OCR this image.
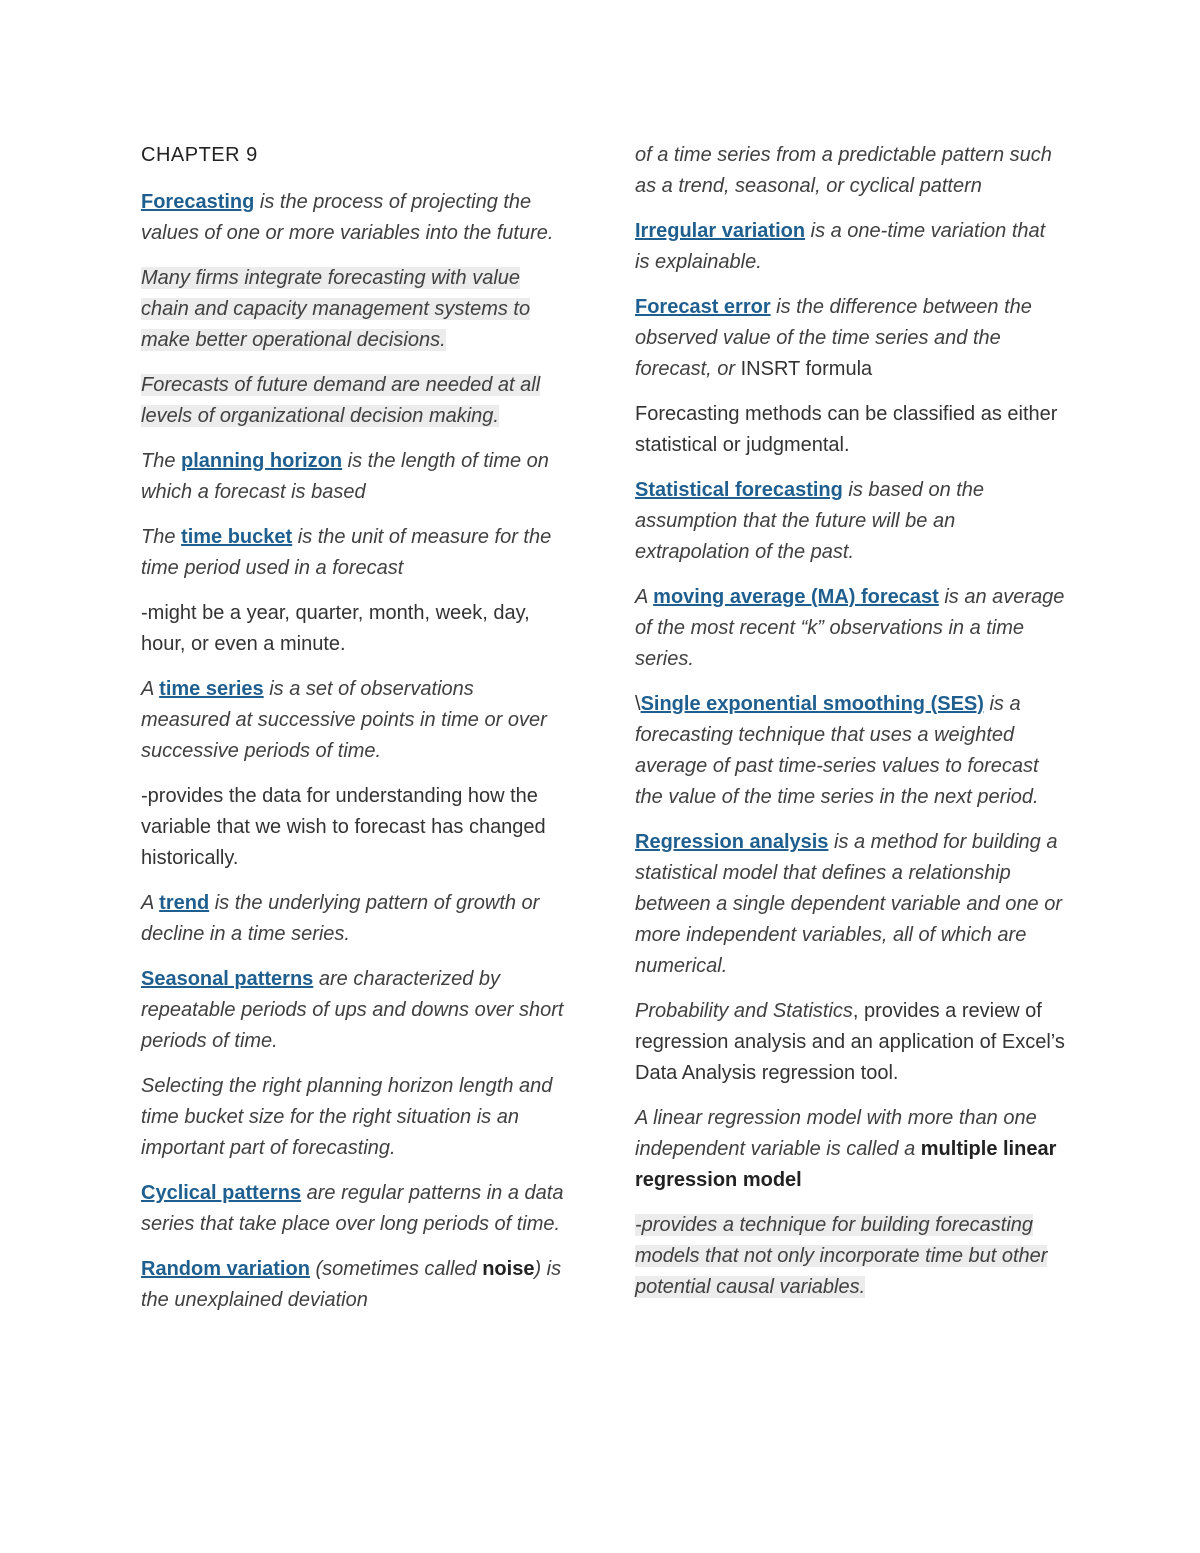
CHAPTER 9

Forecasting is the process of projecting the values of one or more variables into the future.

Many firms integrate forecasting with value chain and capacity management systems to make better operational decisions.

Forecasts of future demand are needed at all levels of organizational decision making.

The planning horizon is the length of time on which a forecast is based

The time bucket is the unit of measure for the time period used in a forecast

-might be a year, quarter, month, week, day, hour, or even a minute.

A time series is a set of observations measured at successive points in time or over successive periods of time.

-provides the data for understanding how the variable that we wish to forecast has changed historically.

A trend is the underlying pattern of growth or decline in a time series.

Seasonal patterns are characterized by repeatable periods of ups and downs over short periods of time.

Selecting the right planning horizon length and time bucket size for the right situation is an important part of forecasting.

Cyclical patterns are regular patterns in a data series that take place over long periods of time.

Random variation (sometimes called noise) is the unexplained deviation

of a time series from a predictable pattern such as a trend, seasonal, or cyclical pattern

Irregular variation is a one-time variation that is explainable.

Forecast error is the difference between the observed value of the time series and the forecast, or INSRT formula

Forecasting methods can be classified as either statistical or judgmental.

Statistical forecasting is based on the assumption that the future will be an extrapolation of the past.

A moving average (MA) forecast is an average of the most recent “k” observations in a time series.

\Single exponential smoothing (SES) is a forecasting technique that uses a weighted average of past time-series values to forecast the value of the time series in the next period.

Regression analysis is a method for building a statistical model that defines a relationship between a single dependent variable and one or more independent variables, all of which are numerical.

Probability and Statistics, provides a review of regression analysis and an application of Excel’s Data Analysis regression tool.

A linear regression model with more than one independent variable is called a multiple linear regression model

-provides a technique for building forecasting models that not only incorporate time but other potential causal variables.
